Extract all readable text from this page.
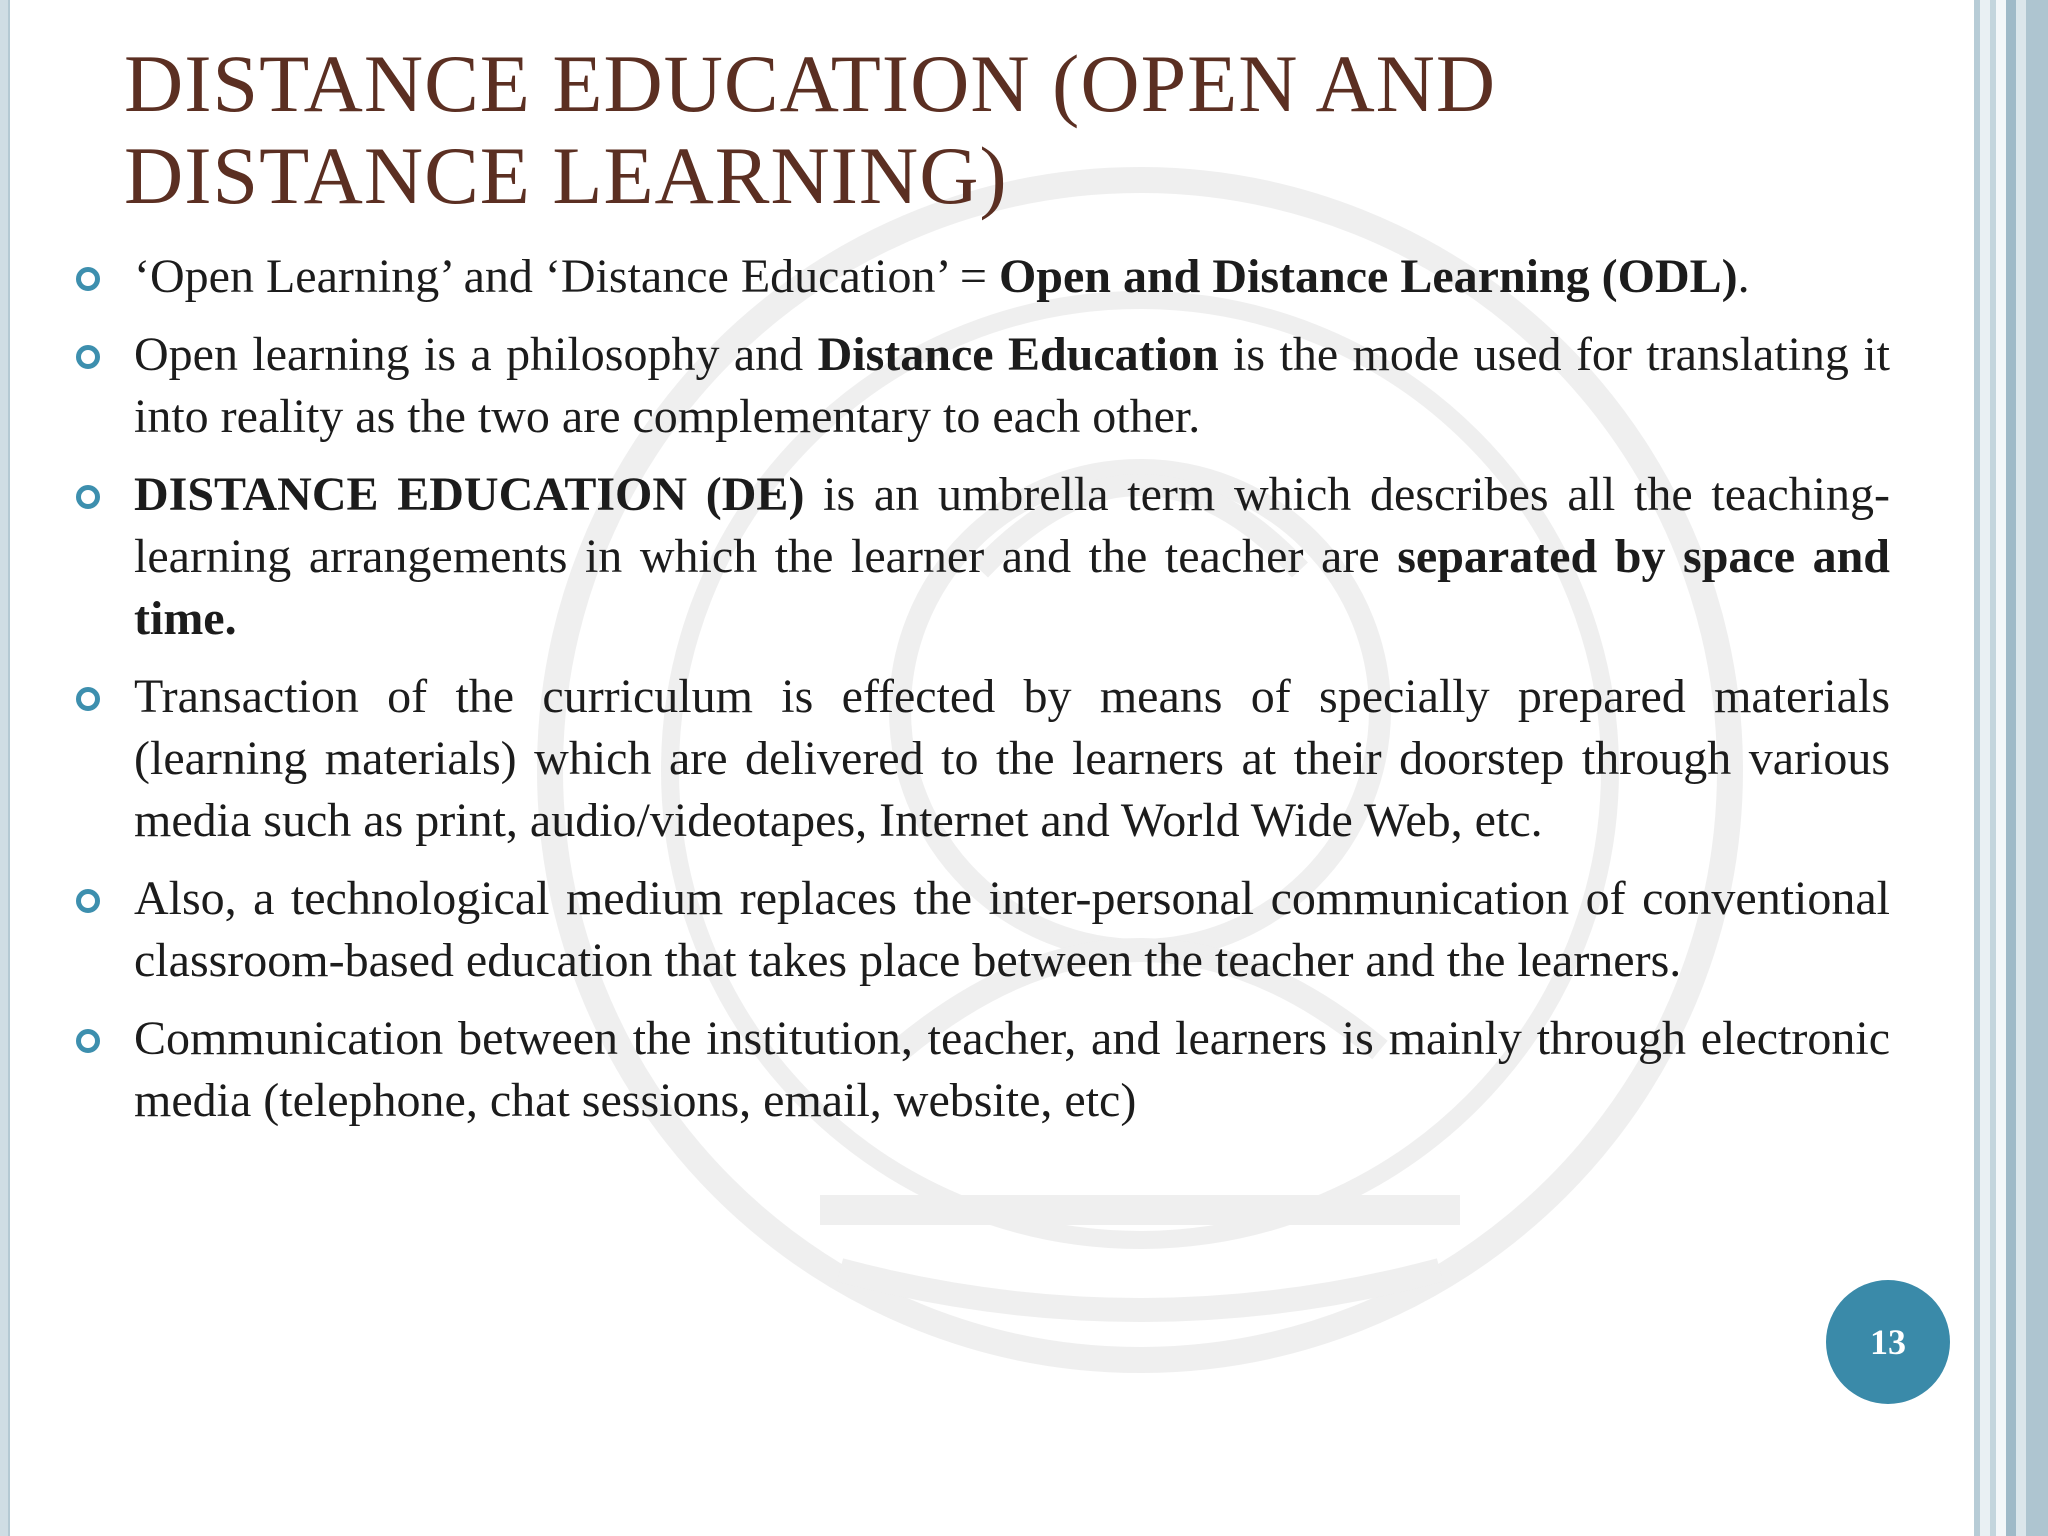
DISTANCE EDUCATION (OPEN AND DISTANCE LEARNING)

‘Open Learning’ and ‘Distance Education’ = Open and Distance Learning (ODL).

Open learning is a philosophy and Distance Education is the mode used for translating it into reality as the two are complementary to each other.

DISTANCE EDUCATION (DE) is an umbrella term which describes all the teaching-learning arrangements in which the learner and the teacher are separated by space and time.

Transaction of the curriculum is effected by means of specially prepared materials (learning materials) which are delivered to the learners at their doorstep through various media such as print, audio/videotapes, Internet and World Wide Web, etc.

Also, a technological medium replaces the inter-personal communication of conventional classroom-based education that takes place between the teacher and the learners.

Communication between the institution, teacher, and learners is mainly through electronic media (telephone, chat sessions, email, website, etc)

13
